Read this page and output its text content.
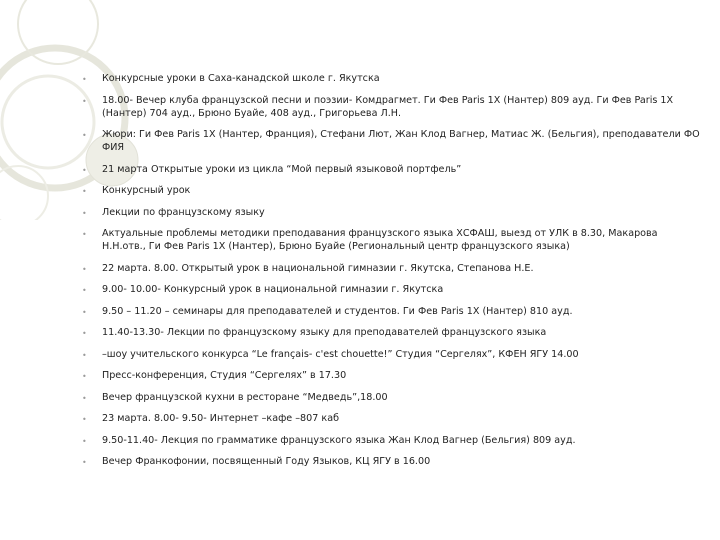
• Конкурсные уроки в Саха-канадской школе г. Якутска
• 18.00- Вечер клуба французской песни и поэзии- Комдрагмет. Ги Фев Paris 1X (Нантер) 809 ауд. Ги Фев Paris 1X (Нантер) 704 ауд., Брюно Буайе, 408 ауд., Григорьева Л.Н.
• Жюри: Ги Фев Paris 1X (Нантер, Франция), Стефани Лют, Жан Клод Вагнер, Матиас Ж. (Бельгия), преподаватели ФО ФИЯ
• 21 марта Открытые уроки из цикла “Мой первый языковой портфель”
• Конкурсный урок
• Лекции по французскому языку
• Актуальные проблемы методики преподавания французского языка ХСФАШ, выезд от УЛК в 8.30, Макарова Н.Н.отв., Ги Фев Paris 1X (Нантер), Брюно Буайе (Региональный центр французского языка)
• 22 марта. 8.00. Открытый урок в национальной гимназии г. Якутска, Степанова Н.Е.
• 9.00- 10.00- Конкурсный урок в национальной гимназии г. Якутска
• 9.50 – 11.20 – семинары для преподавателей и студентов. Ги Фев Paris 1X (Нантер) 810 ауд.
• 11.40-13.30- Лекции по французскому языку для преподавателей французского языка
• –шоу учительского конкурса “Le français- c'est chouette!” Студия “Сергелях”, КФЕН ЯГУ 14.00
• Пресс-конференция, Студия “Сергелях” в 17.30
• Вечер французской кухни в ресторане “Медведь”,18.00
• 23 марта. 8.00- 9.50- Интернет –кафе –807 каб
• 9.50-11.40- Лекция по грамматике французского языка Жан Клод Вагнер (Бельгия) 809 ауд.
• Вечер Франкофонии, посвященный Году Языков, КЦ ЯГУ в 16.00
